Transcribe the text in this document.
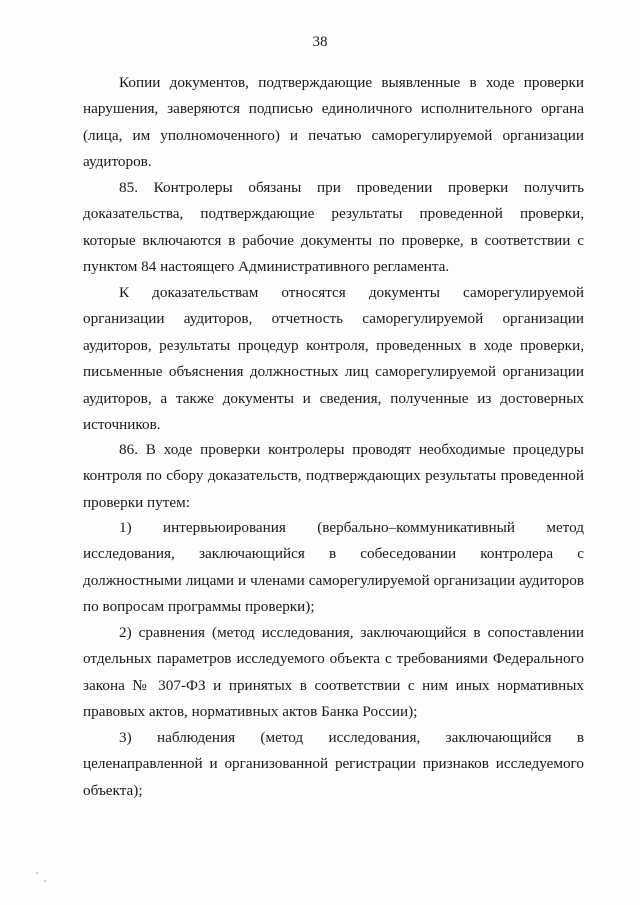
38

Копии документов, подтверждающие выявленные в ходе проверки нарушения, заверяются подписью единоличного исполнительного органа (лица, им уполномоченного) и печатью саморегулируемой организации аудиторов.

85. Контролеры обязаны при проведении проверки получить доказательства, подтверждающие результаты проведенной проверки, которые включаются в рабочие документы по проверке, в соответствии с пунктом 84 настоящего Административного регламента.

К доказательствам относятся документы саморегулируемой

организации аудиторов, отчетность саморегулируемой организации аудиторов, результаты процедур контроля, проведенных в ходе проверки, письменные объяснения должностных лиц саморегулируемой организации аудиторов, а также документы и сведения, полученные из достоверных источников.

86. В ходе проверки контролеры проводят необходимые процедуры контроля по сбору доказательств, подтверждающих результаты проведенной проверки путем:

1) интервьюирования (вербально–коммуникативный метод

исследования, заключающийся в собеседовании контролера с должностными лицами и членами саморегулируемой организации аудиторов по вопросам программы проверки);

2) сравнения (метод исследования, заключающийся в сопоставлении отдельных параметров исследуемого объекта с требованиями Федерального закона № 307-ФЗ и принятых в соответствии с ним иных нормативных правовых актов, нормативных актов Банка России);

3) наблюдения (метод исследования, заключающийся в

целенаправленной и организованной регистрации признаков исследуемого объекта);
